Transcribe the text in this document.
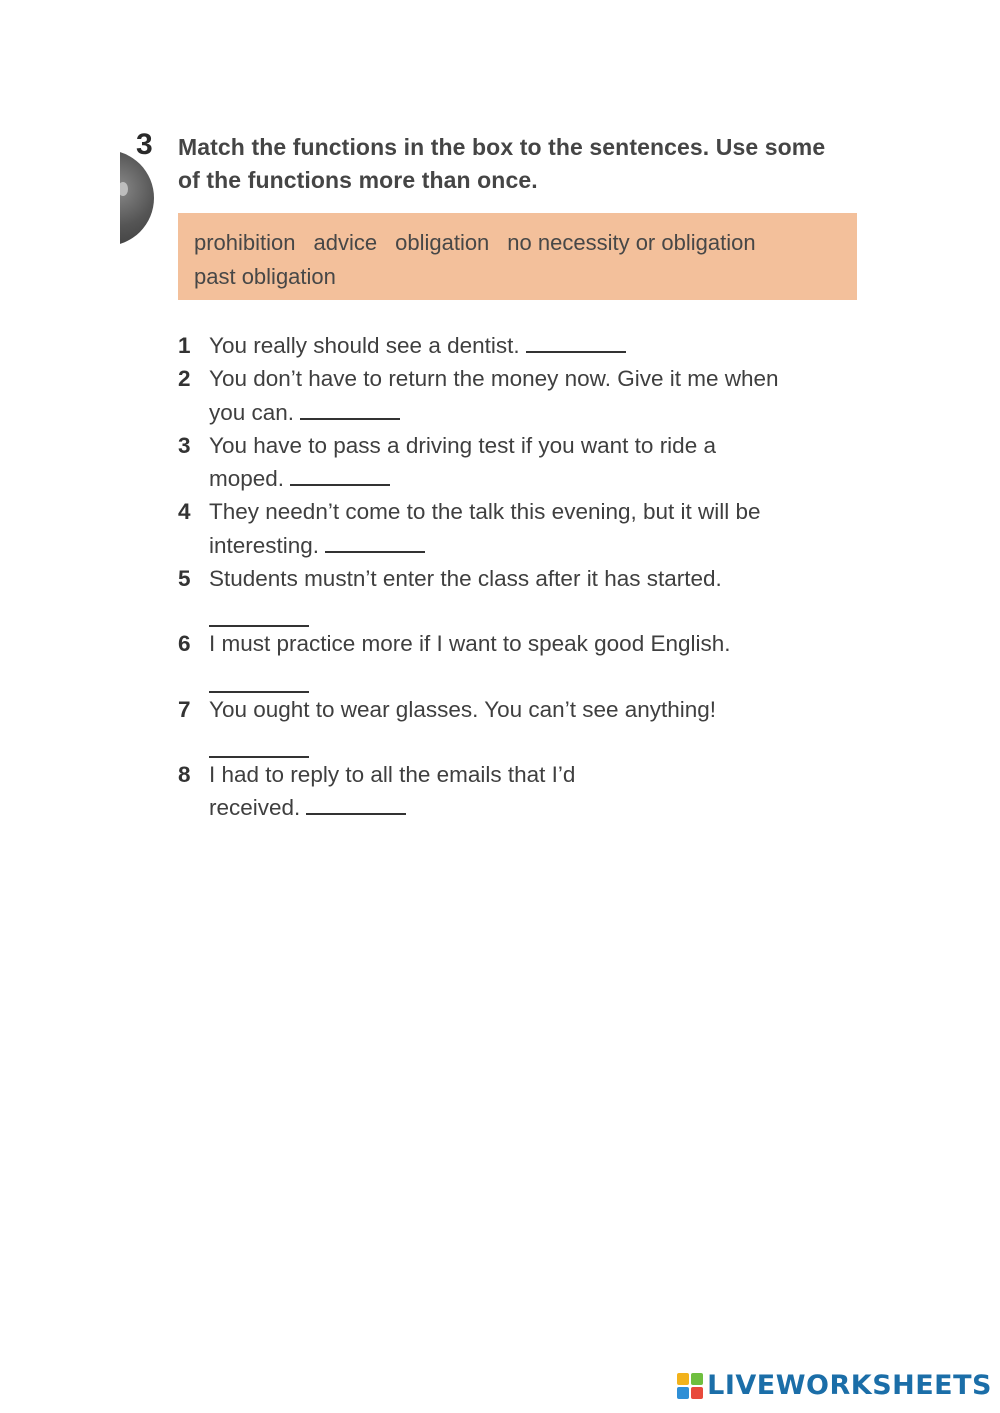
3 Match the functions in the box to the sentences. Use some
of the functions more than once.
prohibition advice obligation no necessity or obligation
past obligation
1 You really should see a dentist.
2 You don’t have to return the money now. Give it me when
you can.
3 You have to pass a driving test if you want to ride a
moped.
4 They needn’t come to the talk this evening, but it will be
interesting.
5 Students mustn’t enter the class after it has started.
6 I must practice more if I want to speak good English.
7 You ought to wear glasses. You can’t see anything!
8 I had to reply to all the emails that I’d
received.
LIVEWORKSHEETS
